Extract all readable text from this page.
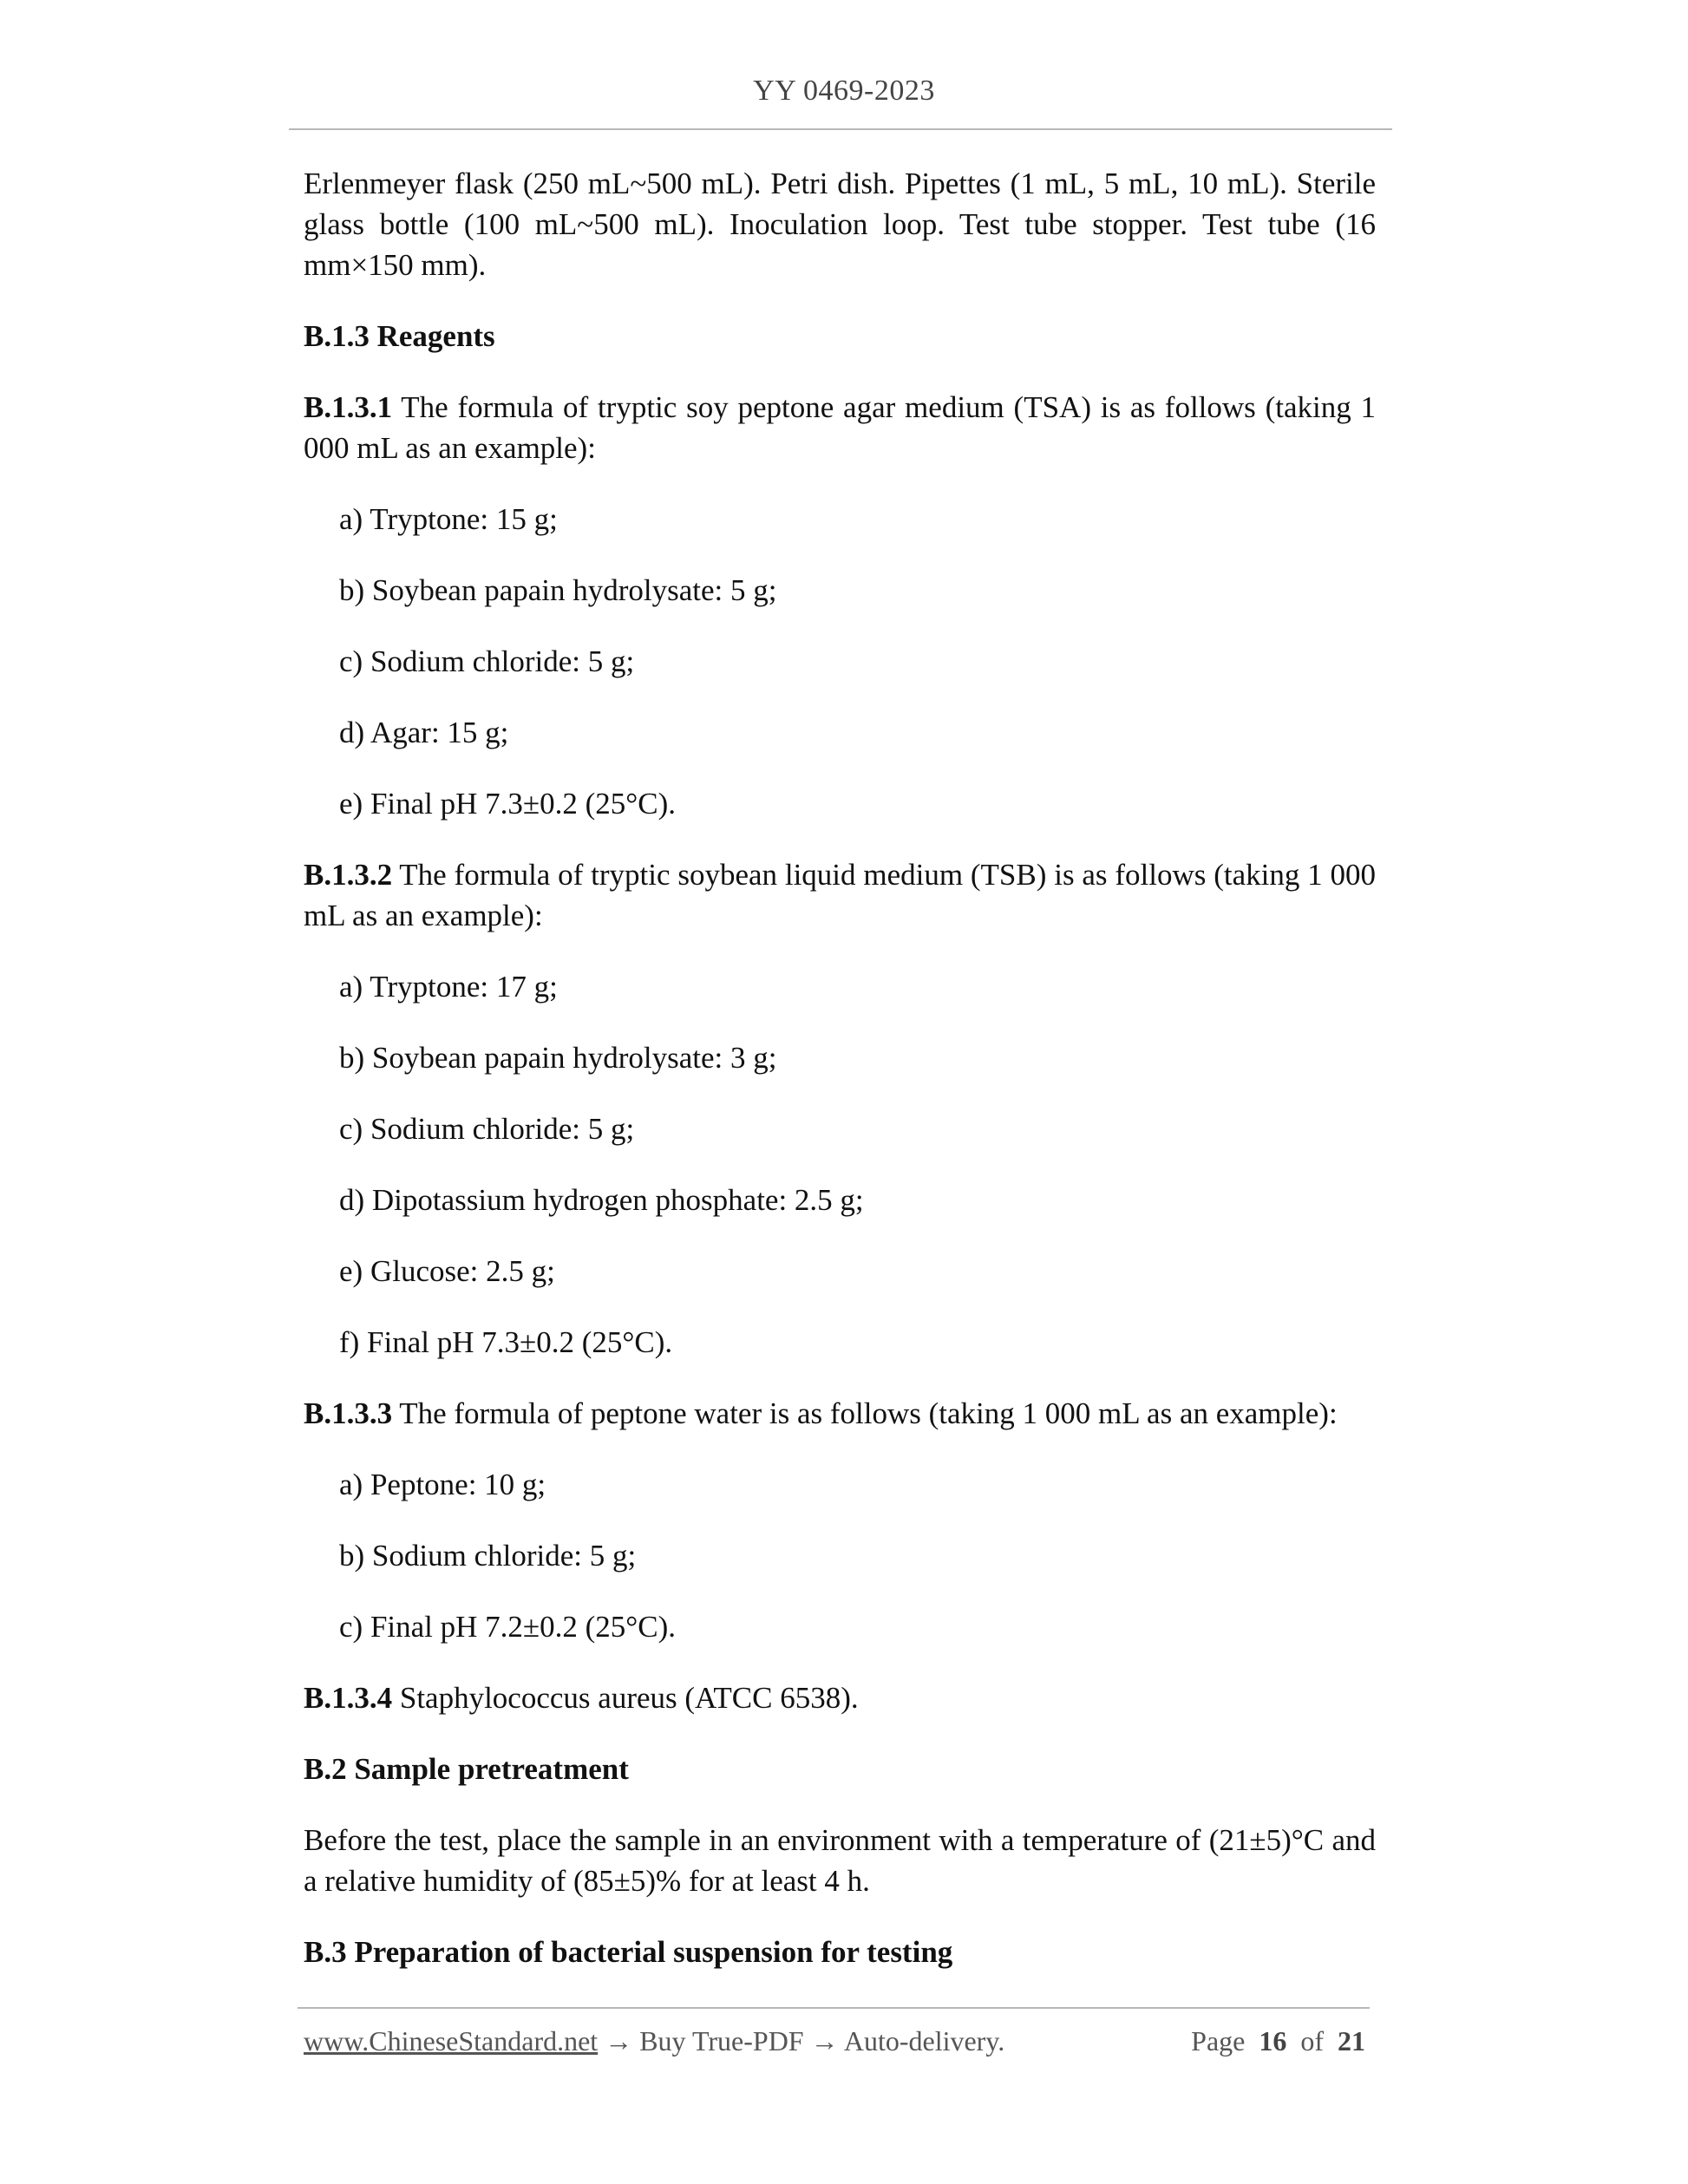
YY 0469-2023

Erlenmeyer flask (250 mL~500 mL). Petri dish. Pipettes (1 mL, 5 mL, 10 mL). Sterile glass bottle (100 mL~500 mL). Inoculation loop. Test tube stopper. Test tube (16 mm×150 mm).

B.1.3 Reagents

B.1.3.1 The formula of tryptic soy peptone agar medium (TSA) is as follows (taking 1 000 mL as an example):

a) Tryptone: 15 g;
b) Soybean papain hydrolysate: 5 g;
c) Sodium chloride: 5 g;
d) Agar: 15 g;
e) Final pH 7.3±0.2 (25°C).

B.1.3.2 The formula of tryptic soybean liquid medium (TSB) is as follows (taking 1 000 mL as an example):

a) Tryptone: 17 g;
b) Soybean papain hydrolysate: 3 g;
c) Sodium chloride: 5 g;
d) Dipotassium hydrogen phosphate: 2.5 g;
e) Glucose: 2.5 g;
f) Final pH 7.3±0.2 (25°C).

B.1.3.3 The formula of peptone water is as follows (taking 1 000 mL as an example):

a) Peptone: 10 g;
b) Sodium chloride: 5 g;
c) Final pH 7.2±0.2 (25°C).

B.1.3.4 Staphylococcus aureus (ATCC 6538).

B.2 Sample pretreatment

Before the test, place the sample in an environment with a temperature of (21±5)°C and a relative humidity of (85±5)% for at least 4 h.

B.3 Preparation of bacterial suspension for testing

www.ChineseStandard.net → Buy True-PDF → Auto-delivery.	Page 16 of 21
